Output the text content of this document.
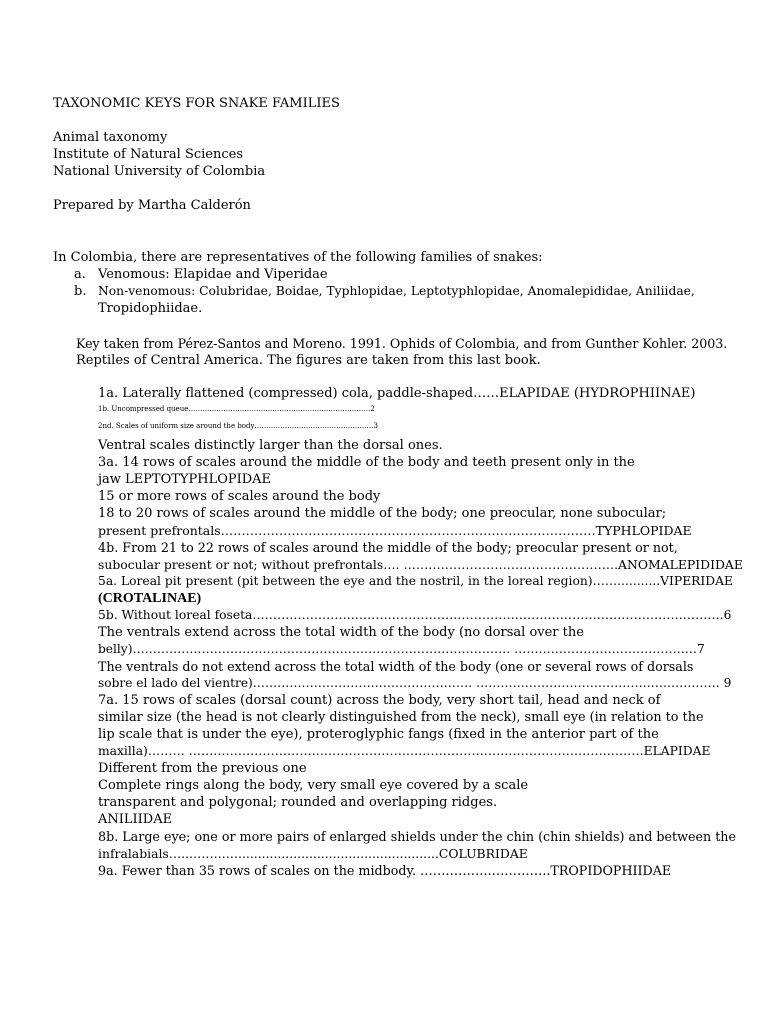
TAXONOMIC KEYS FOR SNAKE FAMILIES
Animal taxonomy
Institute of Natural Sciences
National University of Colombia
Prepared by Martha Calderón
In Colombia, there are representatives of the following families of snakes:
a. Venomous: Elapidae and Viperidae
b. Non-venomous: Colubridae, Boidae, Typhlopidae, Leptotyphlopidae, Anomalepididae, Aniliidae,
Tropidophiidae.
Key taken from Pérez-Santos and Moreno. 1991. Ophids of Colombia, and from Gunther Kohler. 2003.
Reptiles of Central America. The figures are taken from this last book.
1a. Laterally flattened (compressed) cola, paddle-shaped……ELAPIDAE (HYDROPHIINAE)
1b. Uncompressed queue……………………………………………………………………2
2nd. Scales of uniform size around the body……………………………………………3
Ventral scales distinctly larger than the dorsal ones.
3a. 14 rows of scales around the middle of the body and teeth present only in the
jaw LEPTOTYPHLOPIDAE
15 or more rows of scales around the body
18 to 20 rows of scales around the middle of the body; one preocular, none subocular;
present prefrontals………………………………………………………………………………TYPHLOPIDAE
4b. From 21 to 22 rows of scales around the middle of the body; preocular present or not,
subocular present or not; without prefrontals…. …………………………………………….ANOMALEPIDIDAE
5a. Loreal pit present (pit between the eye and the nostril, in the loreal region)……...........VIPERIDAE
(CROTALINAE)
5b. Without loreal foseta…………………………………………………………………………………………………….6
The ventrals extend across the total width of the body (no dorsal over the
belly)………………………………………………………………………………… ………………………………………7
The ventrals do not extend across the total width of the body (one or several rows of dorsals
sobre el lado del vientre)……………………………………………… …………………………………………………… 9
7a. 15 rows of scales (dorsal count) across the body, very short tail, head and neck of
similar size (the head is not clearly distinguished from the neck), small eye (in relation to the
lip scale that is under the eye), proteroglyphic fangs (fixed in the anterior part of the
maxilla)……… …………………………………………………………………………………………………ELAPIDAE
Different from the previous one
Complete rings along the body, very small eye covered by a scale
transparent and polygonal; rounded and overlapping ridges.
ANILIIDAE
8b. Large eye; one or more pairs of enlarged shields under the chin (chin shields) and between the
infralabials…...……..…...................................................COLUBRIDAE
9a. Fewer than 35 rows of scales on the midbody. ……………..…………..TROPIDOPHIIDAE
